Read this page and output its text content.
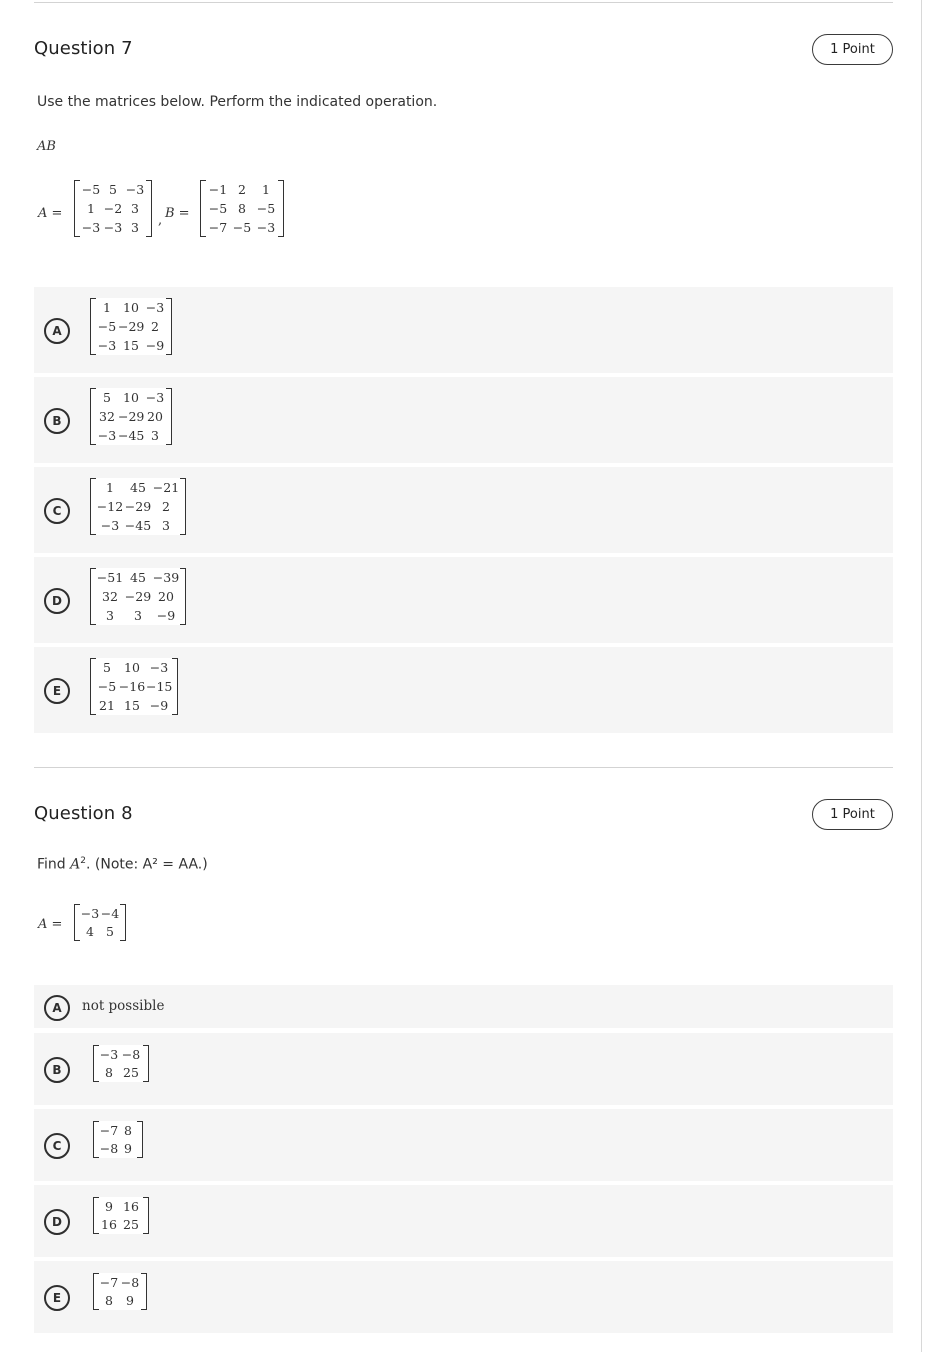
Question 7	1 Point
Use the matrices below. Perform the indicated operation.
AB
A =
−5 5 −3
1 −2 3
−3 −3 3	, B =
−1 2	1
−5 8 −5
−7 −5 −3
A
1 10 −3
−5 −29 2
−3 15 −9
B
5 10 −3
32 −29 20
−3 −45 3
C
1	45 −21
−12 −29 2
−3 −45 3
D
−51 45 −39
32 −29 20
3	3	−9
E
5	10 −3
−5 −16 −15
21 15 −9
Question 8	1 Point
Find $A^2$. (Note: A² = AA.)
A =
−3 −4
4 5
A	not possible
B
−3 −8
8 25
C
−7 8
−8 9
D
9 16
16 25
E
−7 −8
8	9
